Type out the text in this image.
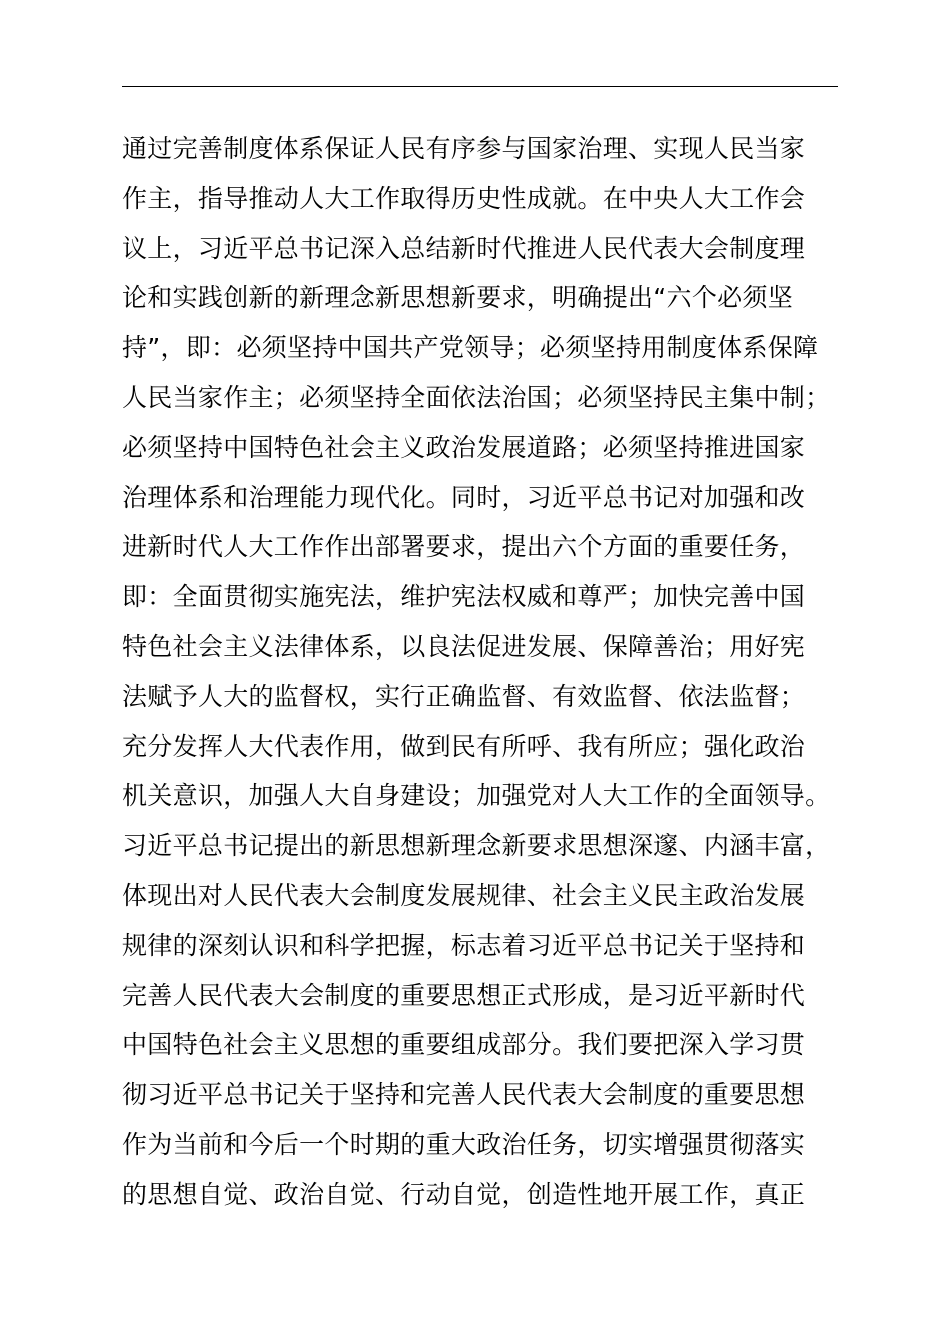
通过完善制度体系保证人民有序参与国家治理、实现人民当家
作主，指导推动人大工作取得历史性成就。在中央人大工作会
议上，习近平总书记深入总结新时代推进人民代表大会制度理
论和实践创新的新理念新思想新要求，明确提出“六个必须坚
持”，即：必须坚持中国共产党领导；必须坚持用制度体系保障
人民当家作主；必须坚持全面依法治国；必须坚持民主集中制；
必须坚持中国特色社会主义政治发展道路；必须坚持推进国家
治理体系和治理能力现代化。同时，习近平总书记对加强和改
进新时代人大工作作出部署要求，提出六个方面的重要任务，
即：全面贯彻实施宪法，维护宪法权威和尊严；加快完善中国
特色社会主义法律体系，以良法促进发展、保障善治；用好宪
法赋予人大的监督权，实行正确监督、有效监督、依法监督；
充分发挥人大代表作用，做到民有所呼、我有所应；强化政治
机关意识，加强人大自身建设；加强党对人大工作的全面领导。
习近平总书记提出的新思想新理念新要求思想深邃、内涵丰富，
体现出对人民代表大会制度发展规律、社会主义民主政治发展
规律的深刻认识和科学把握，标志着习近平总书记关于坚持和
完善人民代表大会制度的重要思想正式形成，是习近平新时代
中国特色社会主义思想的重要组成部分。我们要把深入学习贯
彻习近平总书记关于坚持和完善人民代表大会制度的重要思想
作为当前和今后一个时期的重大政治任务，切实增强贯彻落实
的思想自觉、政治自觉、行动自觉，创造性地开展工作，真正
